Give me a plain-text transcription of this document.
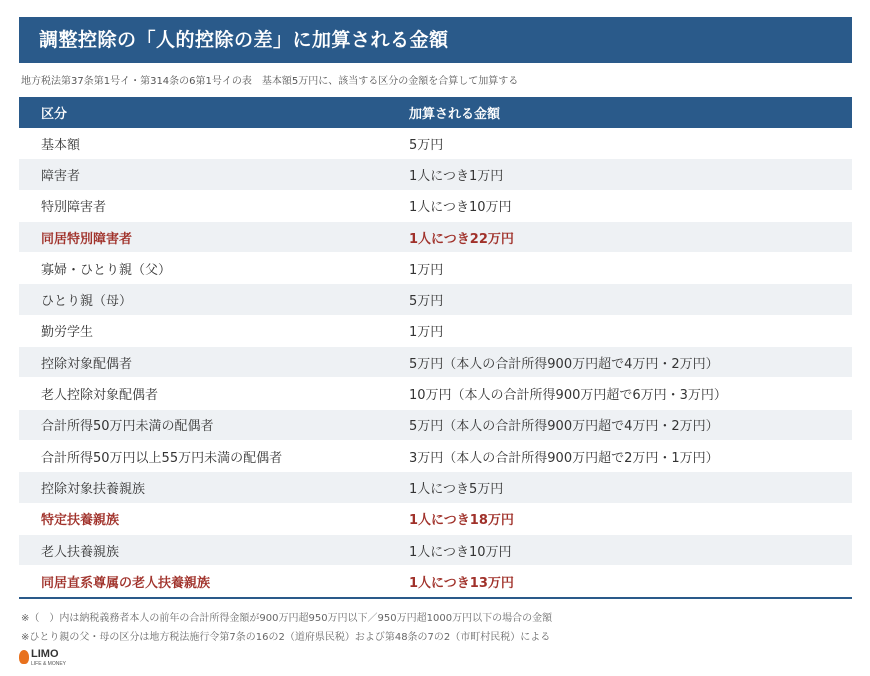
調整控除の「人的控除の差」に加算される金額
地方税法第37条第1号イ・第314条の6第1号イの表　基本額5万円に、該当する区分の金額を合算して加算する
区分	加算される金額
基本額	5万円
障害者	1人につき1万円
特別障害者	1人につき10万円
同居特別障害者	1人につき22万円
寡婦・ひとり親（父）	1万円
ひとり親（母）	5万円
勤労学生	1万円
控除対象配偶者	5万円（本人の合計所得900万円超で4万円・2万円）
老人控除対象配偶者	10万円（本人の合計所得900万円超で6万円・3万円）
合計所得50万円未満の配偶者	5万円（本人の合計所得900万円超で4万円・2万円）
合計所得50万円以上55万円未満の配偶者	3万円（本人の合計所得900万円超で2万円・1万円）
控除対象扶養親族	1人につき5万円
特定扶養親族	1人につき18万円
老人扶養親族	1人につき10万円
同居直系尊属の老人扶養親族	1人につき13万円
※（　）内は納税義務者本人の前年の合計所得金額が900万円超950万円以下／950万円超1000万円以下の場合の金額
※ひとり親の父・母の区分は地方税法施行令第7条の16の2（道府県民税）および第48条の7の2（市町村民税）による
LIMO
LIFE & MONEY
